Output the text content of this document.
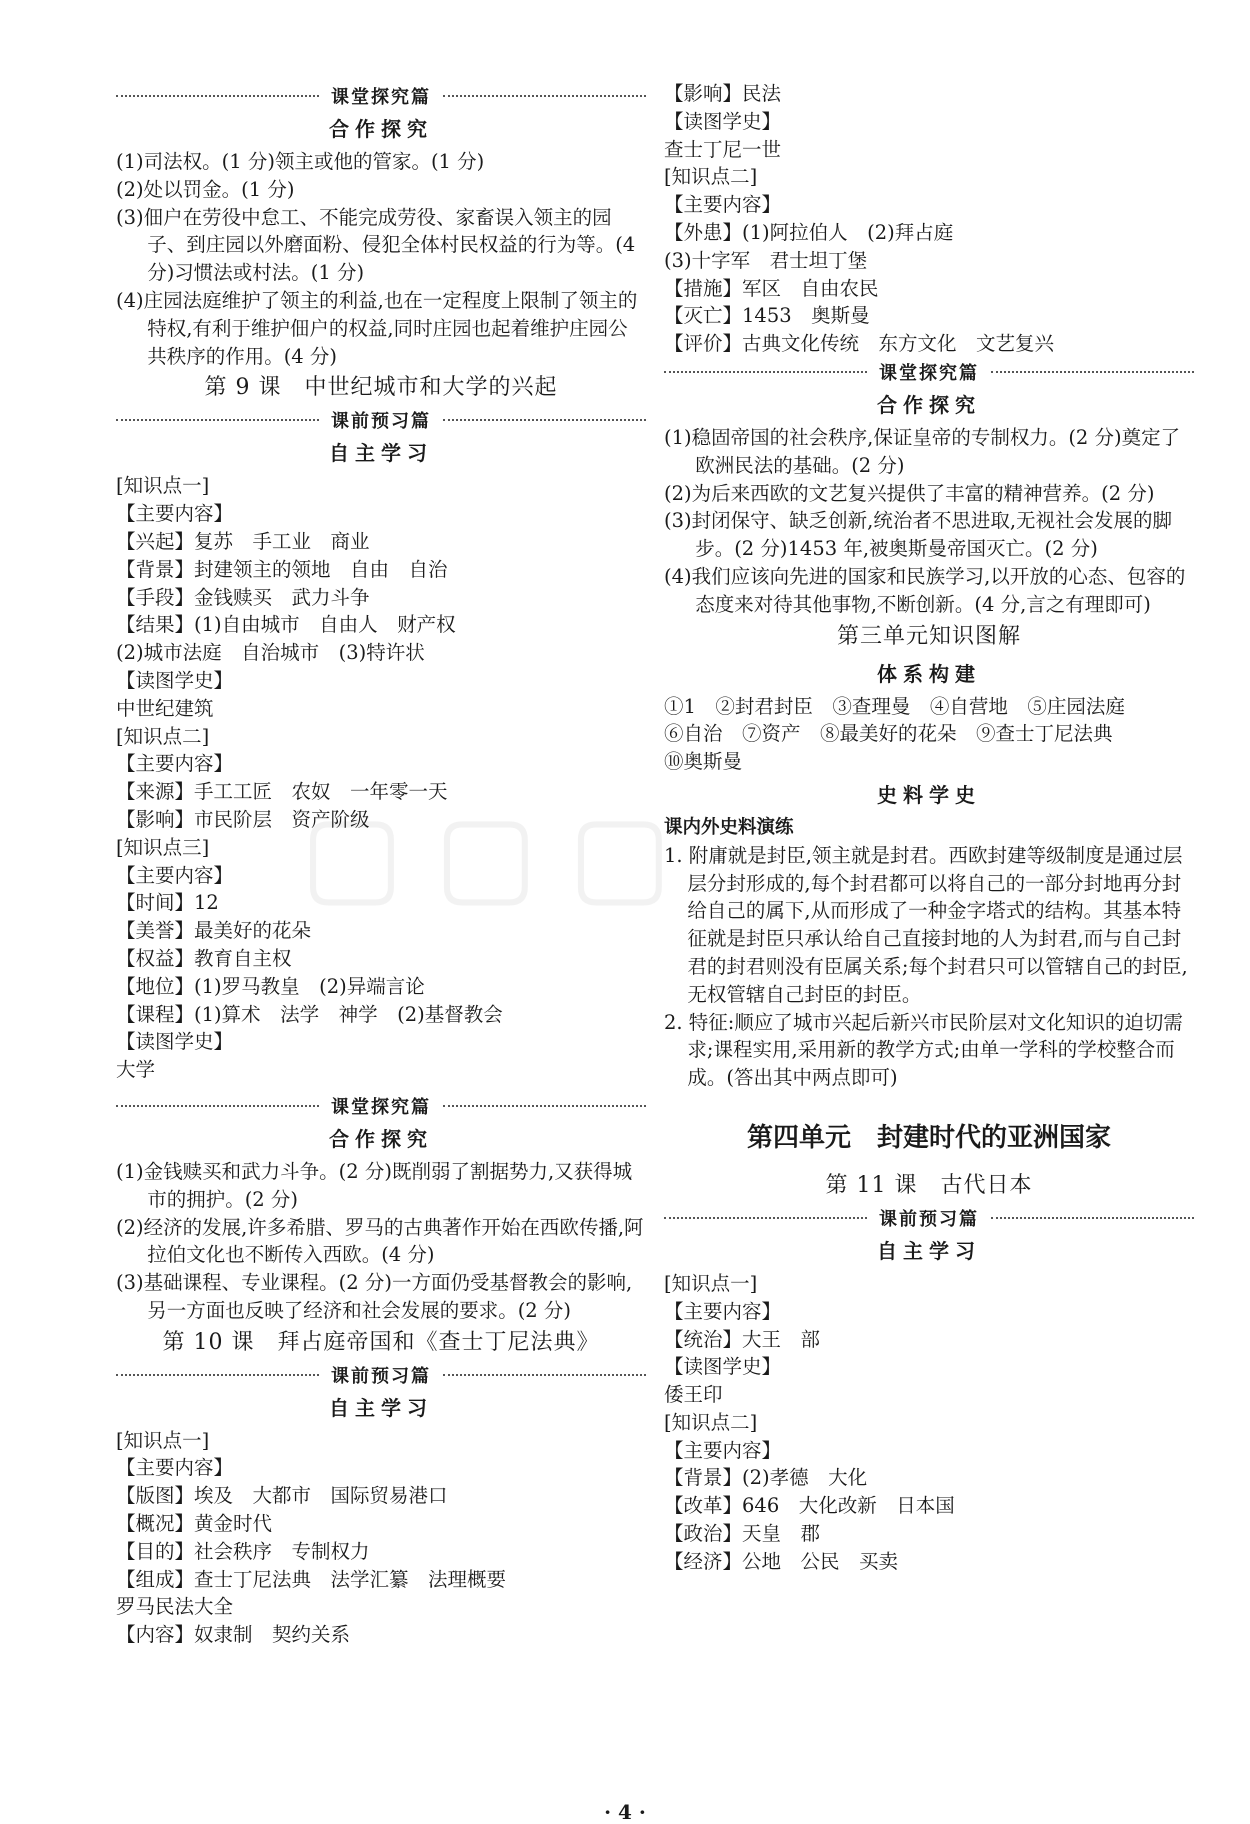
▢▢▢
课堂探究篇
合作探究
(1)司法权。(1 分)领主或他的管家。(1 分)
(2)处以罚金。(1 分)
(3)佃户在劳役中怠工、不能完成劳役、家畜误入领主的园子、到庄园以外磨面粉、侵犯全体村民权益的行为等。(4 分)习惯法或村法。(1 分)
(4)庄园法庭维护了领主的利益,也在一定程度上限制了领主的特权,有利于维护佃户的权益,同时庄园也起着维护庄园公共秩序的作用。(4 分)
第 9 课　中世纪城市和大学的兴起
课前预习篇
自主学习
[知识点一]
【主要内容】
【兴起】复苏　手工业　商业
【背景】封建领主的领地　自由　自治
【手段】金钱赎买　武力斗争
【结果】(1)自由城市　自由人　财产权
(2)城市法庭　自治城市　(3)特许状
【读图学史】
中世纪建筑
[知识点二]
【主要内容】
【来源】手工工匠　农奴　一年零一天
【影响】市民阶层　资产阶级
[知识点三]
【主要内容】
【时间】12
【美誉】最美好的花朵
【权益】教育自主权
【地位】(1)罗马教皇　(2)异端言论
【课程】(1)算术　法学　神学　(2)基督教会
【读图学史】
大学
课堂探究篇
合作探究
(1)金钱赎买和武力斗争。(2 分)既削弱了割据势力,又获得城市的拥护。(2 分)
(2)经济的发展,许多希腊、罗马的古典著作开始在西欧传播,阿拉伯文化也不断传入西欧。(4 分)
(3)基础课程、专业课程。(2 分)一方面仍受基督教会的影响,另一方面也反映了经济和社会发展的要求。(2 分)
第 10 课　拜占庭帝国和《查士丁尼法典》
课前预习篇
自主学习
[知识点一]
【主要内容】
【版图】埃及　大都市　国际贸易港口
【概况】黄金时代
【目的】社会秩序　专制权力
【组成】查士丁尼法典　法学汇纂　法理概要
罗马民法大全
【内容】奴隶制　契约关系
【影响】民法
【读图学史】
查士丁尼一世
[知识点二]
【主要内容】
【外患】(1)阿拉伯人　(2)拜占庭
(3)十字军　君士坦丁堡
【措施】军区　自由农民
【灭亡】1453　奥斯曼
【评价】古典文化传统　东方文化　文艺复兴
课堂探究篇
合作探究
(1)稳固帝国的社会秩序,保证皇帝的专制权力。(2 分)奠定了欧洲民法的基础。(2 分)
(2)为后来西欧的文艺复兴提供了丰富的精神营养。(2 分)
(3)封闭保守、缺乏创新,统治者不思进取,无视社会发展的脚步。(2 分)1453 年,被奥斯曼帝国灭亡。(2 分)
(4)我们应该向先进的国家和民族学习,以开放的心态、包容的态度来对待其他事物,不断创新。(4 分,言之有理即可)
第三单元知识图解
体系构建
①1　②封君封臣　③查理曼　④自营地　⑤庄园法庭
⑥自治　⑦资产　⑧最美好的花朵　⑨查士丁尼法典
⑩奥斯曼
史料学史
课内外史料演练
1. 附庸就是封臣,领主就是封君。西欧封建等级制度是通过层层分封形成的,每个封君都可以将自己的一部分封地再分封给自己的属下,从而形成了一种金字塔式的结构。其基本特征就是封臣只承认给自己直接封地的人为封君,而与自己封君的封君则没有臣属关系;每个封君只可以管辖自己的封臣,无权管辖自己封臣的封臣。
2. 特征:顺应了城市兴起后新兴市民阶层对文化知识的迫切需求;课程实用,采用新的教学方式;由单一学科的学校整合而成。(答出其中两点即可)
第四单元　封建时代的亚洲国家
第 11 课　古代日本
课前预习篇
自主学习
[知识点一]
【主要内容】
【统治】大王　部
【读图学史】
倭王印
[知识点二]
【主要内容】
【背景】(2)孝德　大化
【改革】646　大化改新　日本国
【政治】天皇　郡
【经济】公地　公民　买卖
· 4 ·
